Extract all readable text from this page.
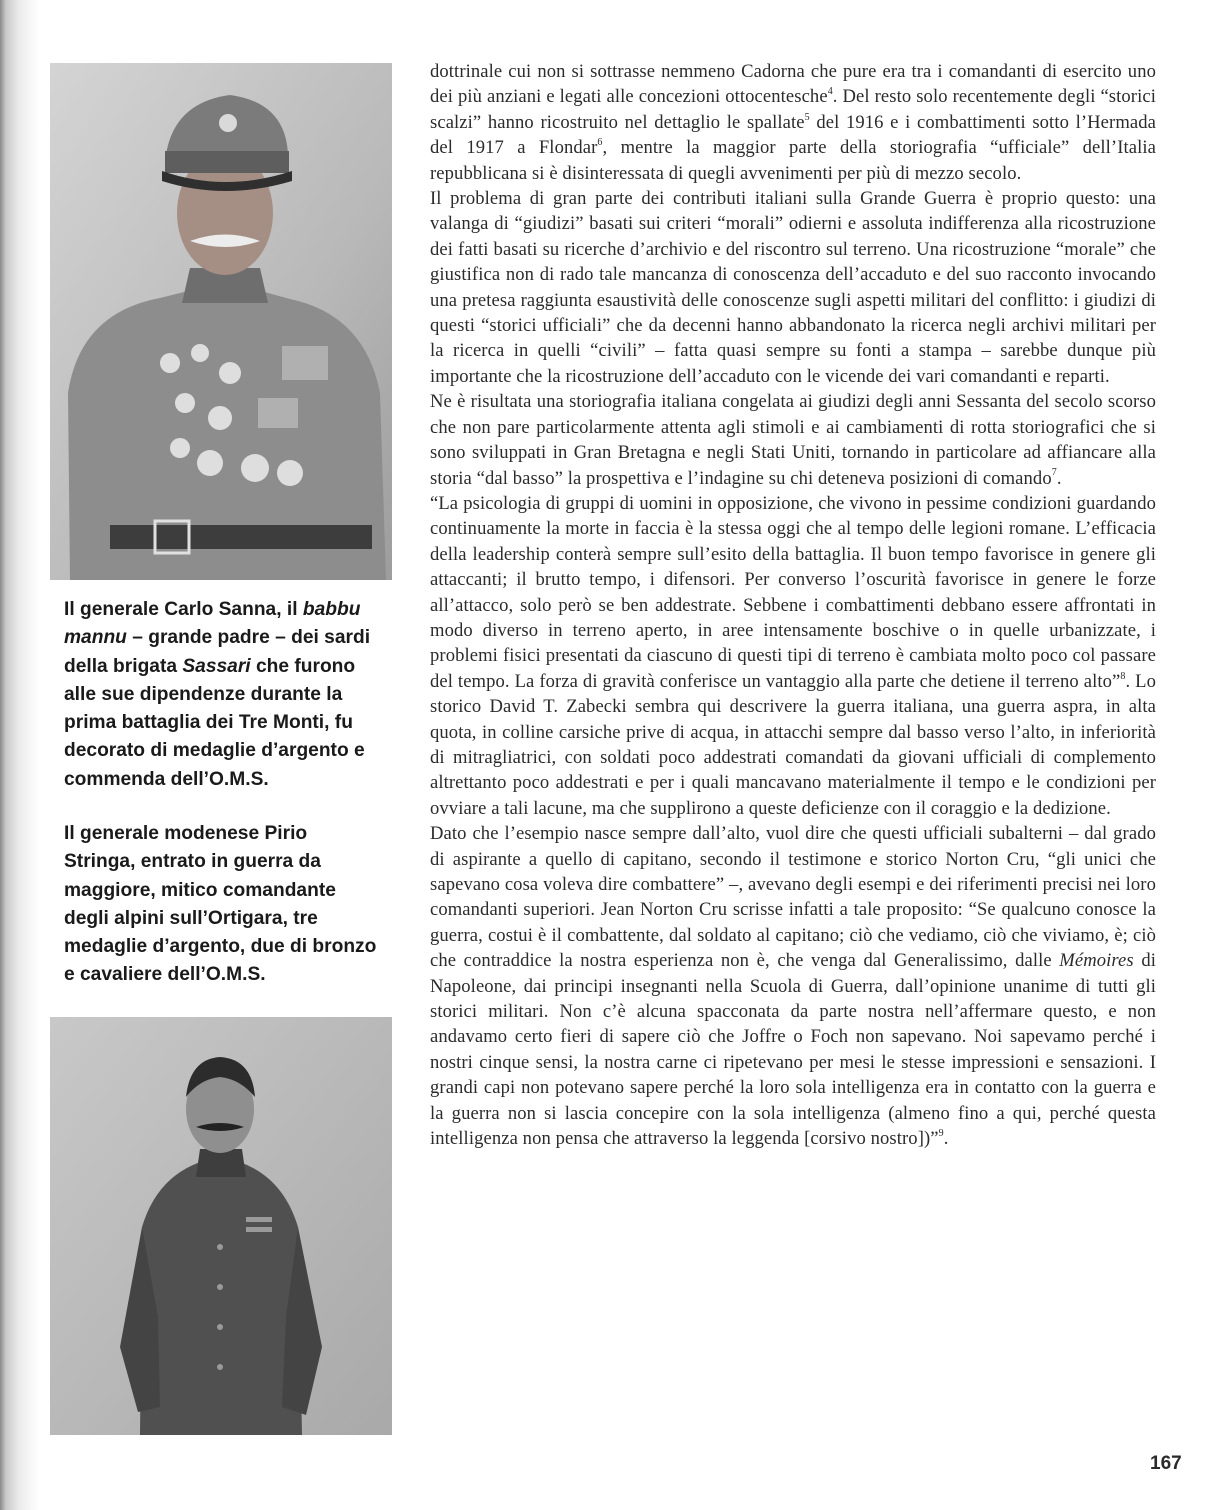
Il generale Carlo Sanna, il babbu mannu – grande padre – dei sardi della brigata Sassari che furono alle sue dipendenze durante la prima battaglia dei Tre Monti, fu decorato di medaglie d’argento e commenda dell’O.M.S.

Il generale modenese Pirio Stringa, entrato in guerra da maggiore, mitico comandante degli alpini sull’Ortigara, tre medaglie d’argento, due di bronzo e cavaliere dell’O.M.S.

dottrinale cui non si sottrasse nemmeno Cadorna che pure era tra i comandanti di esercito uno dei più anziani e legati alle concezioni ottocentesche$^4$. Del resto solo recentemente degli “storici scalzi” hanno ricostruito nel dettaglio le spallate$^5$ del 1916 e i combattimenti sotto l’Hermada del 1917 a Flondar$^6$, mentre la maggior parte della storiografia “ufficiale” dell’Italia repubblicana si è disinteressata di quegli avvenimenti per più di mezzo secolo.

Il problema di gran parte dei contributi italiani sulla Grande Guerra è proprio questo: una valanga di “giudizi” basati sui criteri “morali” odierni e assoluta indifferenza alla ricostruzione dei fatti basati su ricerche d’archivio e del riscontro sul terreno. Una ricostruzione “morale” che giustifica non di rado tale mancanza di conoscenza dell’accaduto e del suo racconto invocando una pretesa raggiunta esaustività delle conoscenze sugli aspetti militari del conflitto: i giudizi di questi “storici ufficiali” che da decenni hanno abbandonato la ricerca negli archivi militari per la ricerca in quelli “civili” – fatta quasi sempre su fonti a stampa – sarebbe dunque più importante che la ricostruzione dell’accaduto con le vicende dei vari comandanti e reparti.

Ne è risultata una storiografia italiana congelata ai giudizi degli anni Sessanta del secolo scorso che non pare particolarmente attenta agli stimoli e ai cambiamenti di rotta storiografici che si sono sviluppati in Gran Bretagna e negli Stati Uniti, tornando in particolare ad affiancare alla storia “dal basso” la prospettiva e l’indagine su chi deteneva posizioni di comando$^7$.

“La psicologia di gruppi di uomini in opposizione, che vivono in pessime condizioni guardando continuamente la morte in faccia è la stessa oggi che al tempo delle legioni romane. L’efficacia della leadership conterà sempre sull’esito della battaglia. Il buon tempo favorisce in genere gli attaccanti; il brutto tempo, i difensori. Per converso l’oscurità favorisce in genere le forze all’attacco, solo però se ben addestrate. Sebbene i combattimenti debbano essere affrontati in modo diverso in terreno aperto, in aree intensamente boschive o in quelle urbanizzate, i problemi fisici presentati da ciascuno di questi tipi di terreno è cambiata molto poco col passare del tempo. La forza di gravità conferisce un vantaggio alla parte che detiene il terreno alto”$^8$. Lo storico David T. Zabecki sembra qui descrivere la guerra italiana, una guerra aspra, in alta quota, in colline carsiche prive di acqua, in attacchi sempre dal basso verso l’alto, in inferiorità di mitragliatrici, con soldati poco addestrati comandati da giovani ufficiali di complemento altrettanto poco addestrati e per i quali mancavano materialmente il tempo e le condizioni per ovviare a tali lacune, ma che supplirono a queste deficienze con il coraggio e la dedizione.

Dato che l’esempio nasce sempre dall’alto, vuol dire che questi ufficiali subalterni – dal grado di aspirante a quello di capitano, secondo il testimone e storico Norton Cru, “gli unici che sapevano cosa voleva dire combattere” –, avevano degli esempi e dei riferimenti precisi nei loro comandanti superiori. Jean Norton Cru scrisse infatti a tale proposito: “Se qualcuno conosce la guerra, costui è il combattente, dal soldato al capitano; ciò che vediamo, ciò che viviamo, è; ciò che contraddice la nostra esperienza non è, che venga dal Generalissimo, dalle Mémoires di Napoleone, dai principi insegnanti nella Scuola di Guerra, dall’opinione unanime di tutti gli storici militari. Non c’è alcuna spacconata da parte nostra nell’affermare questo, e non andavamo certo fieri di sapere ciò che Joffre o Foch non sapevano. Noi sapevamo perché i nostri cinque sensi, la nostra carne ci ripetevano per mesi le stesse impressioni e sensazioni. I grandi capi non potevano sapere perché la loro sola intelligenza era in contatto con la guerra e la guerra non si lascia concepire con la sola intelligenza (almeno fino a qui, perché questa intelligenza non pensa che attraverso la leggenda [corsivo nostro])”$^9$.

167
